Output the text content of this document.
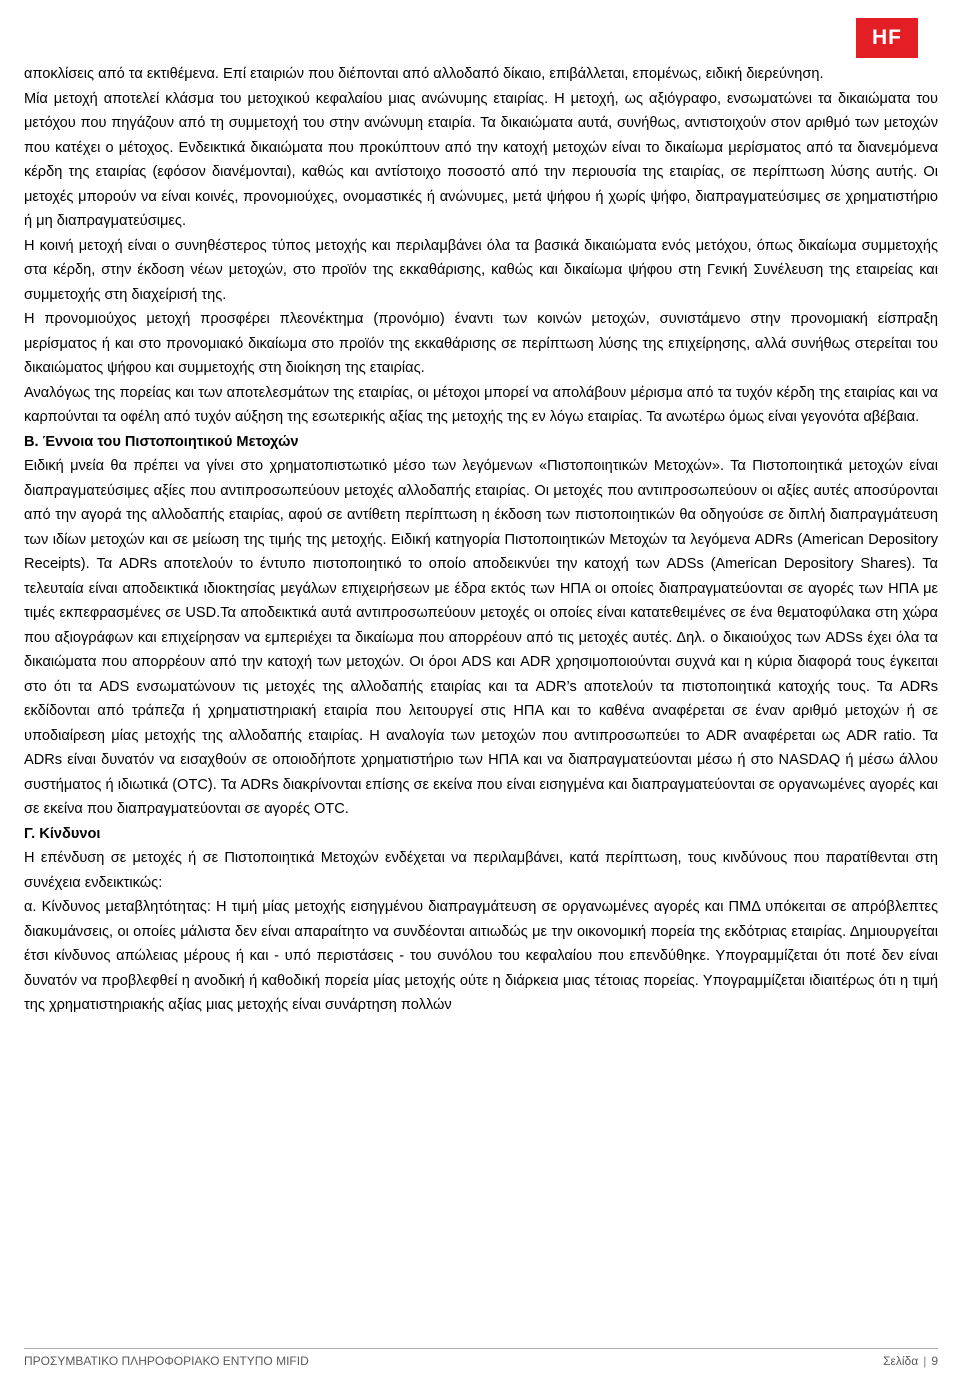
HF

αποκλίσεις από τα εκτιθέμενα. Επί εταιριών που διέπονται από αλλοδαπό δίκαιο, επιβάλλεται, επομένως, ειδική διερεύνηση.

Μία μετοχή αποτελεί κλάσμα του μετοχικού κεφαλαίου μιας ανώνυμης εταιρίας. Η μετοχή, ως αξιόγραφο, ενσωματώνει τα δικαιώματα του μετόχου που πηγάζουν από τη συμμετοχή του στην ανώνυμη εταιρία. Τα δικαιώματα αυτά, συνήθως, αντιστοιχούν στον αριθμό των μετοχών που κατέχει ο μέτοχος. Ενδεικτικά δικαιώματα που προκύπτουν από την κατοχή μετοχών είναι το δικαίωμα μερίσματος από τα διανεμόμενα κέρδη της εταιρίας (εφόσον διανέμονται), καθώς και αντίστοιχο ποσοστό από την περιουσία της εταιρίας, σε περίπτωση λύσης αυτής. Οι μετοχές μπορούν να είναι κοινές, προνομιούχες, ονομαστικές ή ανώνυμες, μετά ψήφου ή χωρίς ψήφο, διαπραγματεύσιμες σε χρηματιστήριο ή μη διαπραγματεύσιμες.

Η κοινή μετοχή είναι ο συνηθέστερος τύπος μετοχής και περιλαμβάνει όλα τα βασικά δικαιώματα ενός μετόχου, όπως δικαίωμα συμμετοχής στα κέρδη, στην έκδοση νέων μετοχών, στο προϊόν της εκκαθάρισης, καθώς και δικαίωμα ψήφου στη Γενική Συνέλευση της εταιρείας και συμμετοχής στη διαχείρισή της.

Η προνομιούχος μετοχή προσφέρει πλεονέκτημα (προνόμιο) έναντι των κοινών μετοχών, συνιστάμενο στην προνομιακή είσπραξη μερίσματος ή και στο προνομιακό δικαίωμα στο προϊόν της εκκαθάρισης σε περίπτωση λύσης της επιχείρησης, αλλά συνήθως στερείται του δικαιώματος ψήφου και συμμετοχής στη διοίκηση της εταιρίας.

Αναλόγως της πορείας και των αποτελεσμάτων της εταιρίας, οι μέτοχοι μπορεί να απολάβουν μέρισμα από τα τυχόν κέρδη της εταιρίας και να καρπούνται τα οφέλη από τυχόν αύξηση της εσωτερικής αξίας της μετοχής της εν λόγω εταιρίας. Τα ανωτέρω όμως είναι γεγονότα αβέβαια.

Β. Έννοια του Πιστοποιητικού Μετοχών

Ειδική μνεία θα πρέπει να γίνει στο χρηματοπιστωτικό μέσο των λεγόμενων «Πιστοποιητικών Μετοχών». Τα Πιστοποιητικά μετοχών είναι διαπραγματεύσιμες αξίες που αντιπροσωπεύουν μετοχές αλλοδαπής εταιρίας. Οι μετοχές που αντιπροσωπεύουν οι αξίες αυτές αποσύρονται από την αγορά της αλλοδαπής εταιρίας, αφού σε αντίθετη περίπτωση η έκδοση των πιστοποιητικών θα οδηγούσε σε διπλή διαπραγμάτευση των ιδίων μετοχών και σε μείωση της τιμής της μετοχής. Ειδική κατηγορία Πιστοποιητικών Μετοχών τα λεγόμενα ADRs (American Depository Receipts). Τα ADRs αποτελούν το έντυπο πιστοποιητικό το οποίο αποδεικνύει την κατοχή των ADSs (American Depository Shares). Τα τελευταία είναι αποδεικτικά ιδιοκτησίας μεγάλων επιχειρήσεων με έδρα εκτός των ΗΠΑ οι οποίες διαπραγματεύονται σε αγορές των ΗΠΑ με τιμές εκπεφρασμένες σε USD.Τα αποδεικτικά αυτά αντιπροσωπεύουν μετοχές οι οποίες είναι κατατεθειμένες σε ένα θεματοφύλακα στη χώρα που αξιογράφων και επιχείρησαν να εμπεριέχει τα δικαίωμα που απορρέουν από τις μετοχές αυτές. Δηλ. ο δικαιούχος των ADSs έχει όλα τα δικαιώματα που απορρέουν από την κατοχή των μετοχών. Οι όροι ADS και ADR χρησιμοποιούνται συχνά και η κύρια διαφορά τους έγκειται στο ότι τα ADS ενσωματώνουν τις μετοχές της αλλοδαπής εταιρίας και τα ADR’s αποτελούν τα πιστοποιητικά κατοχής τους. Τα ADRs εκδίδονται από τράπεζα ή χρηματιστηριακή εταιρία που λειτουργεί στις ΗΠΑ και το καθένα αναφέρεται σε έναν αριθμό μετοχών ή σε υποδιαίρεση μίας μετοχής της αλλοδαπής εταιρίας. Η αναλογία των μετοχών που αντιπροσωπεύει το ADR αναφέρεται ως ADR ratio. Τα ADRs είναι δυνατόν να εισαχθούν σε οποιοδήποτε χρηματιστήριο των ΗΠΑ και να διαπραγματεύονται μέσω ή στο NASDAQ ή μέσω άλλου συστήματος ή ιδιωτικά (OTC). Τα ADRs διακρίνονται επίσης σε εκείνα που είναι εισηγμένα και διαπραγματεύονται σε οργανωμένες αγορές και σε εκείνα που διαπραγματεύονται σε αγορές OTC.

Γ. Κίνδυνοι

Η επένδυση σε μετοχές ή σε Πιστοποιητικά Μετοχών ενδέχεται να περιλαμβάνει, κατά περίπτωση, τους κινδύνους που παρατίθενται στη συνέχεια ενδεικτικώς:

α. Κίνδυνος μεταβλητότητας: Η τιμή μίας μετοχής εισηγμένου διαπραγμάτευση σε οργανωμένες αγορές και ΠΜΔ υπόκειται σε απρόβλεπτες διακυμάνσεις, οι οποίες μάλιστα δεν είναι απαραίτητο να συνδέονται αιτιωδώς με την οικονομική πορεία της εκδότριας εταιρίας. Δημιουργείται έτσι κίνδυνος απώλειας μέρους ή και - υπό περιστάσεις - του συνόλου του κεφαλαίου που επενδύθηκε. Υπογραμμίζεται ότι ποτέ δεν είναι δυνατόν να προβλεφθεί η ανοδική ή καθοδική πορεία μίας μετοχής ούτε η διάρκεια μιας τέτοιας πορείας. Υπογραμμίζεται ιδιαιτέρως ότι η τιμή της χρηματιστηριακής αξίας μιας μετοχής είναι συνάρτηση πολλών

ΠΡΟΣΥΜΒΑΤΙΚΟ ΠΛΗΡΟΦΟΡΙΑΚΟ ΕΝΤΥΠΟ MIFID	Σελίδα | 9
